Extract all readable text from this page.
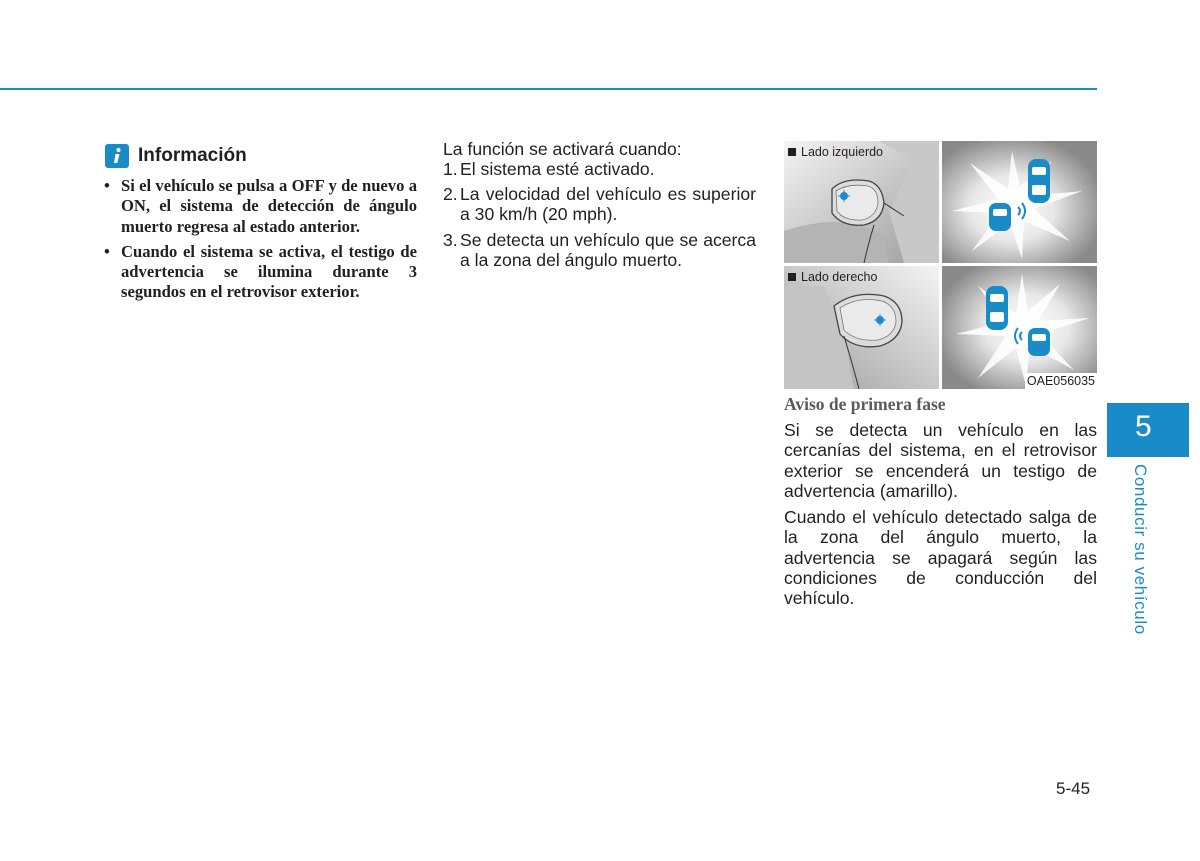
Información
• Si el vehículo se pulsa a OFF y de nuevo a ON, el sistema de detección de ángulo muerto regresa al estado anterior.
• Cuando el sistema se activa, el testigo de advertencia se ilumina durante 3 segundos en el retrovisor exterior.

La función se activará cuando:

1. El sistema esté activado.
2. La velocidad del vehículo es superior a 30 km/h (20 mph).
3. Se detecta un vehículo que se acerca a la zona del ángulo muerto.
Lado izquierdo
Lado derecho
OAE056035
Aviso de primera fase

Si se detecta un vehículo en las cercanías del sistema, en el retrovisor exterior se encenderá un testigo de advertencia (amarillo).

Cuando el vehículo detectado salga de la zona del ángulo muerto, la advertencia se apagará según las condiciones de conducción del vehículo.

5
Conducir su vehículo
5-45
